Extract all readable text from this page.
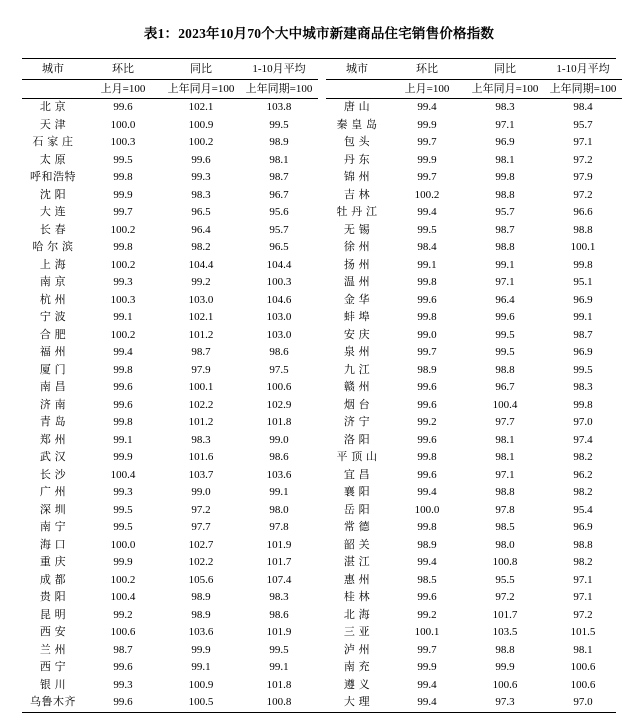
表1：2023年10月70个大中城市新建商品住宅销售价格指数
城市	环比	同比	1-10月平均		城市	环比	同比	1-10月平均
	上月=100	上年同月=100	上年同期=100			上月=100	上年同月=100	上年同期=100
北 京	99.6	102.1	103.8		唐 山	99.4	98.3	98.4
天 津	100.0	100.9	99.5		秦 皇 岛	99.9	97.1	95.7
石 家 庄	100.3	100.2	98.9		包 头	99.7	96.9	97.1
太 原	99.5	99.6	98.1		丹 东	99.9	98.1	97.2
呼和浩特	99.8	99.3	98.7		锦 州	99.7	99.8	97.9
沈 阳	99.9	98.3	96.7		吉 林	100.2	98.8	97.2
大 连	99.7	96.5	95.6		牡 丹 江	99.4	95.7	96.6
长 春	100.2	96.4	95.7		无 锡	99.5	98.7	98.8
哈 尔 滨	99.8	98.2	96.5		徐 州	98.4	98.8	100.1
上 海	100.2	104.4	104.4		扬 州	99.1	99.1	99.8
南 京	99.3	99.2	100.3		温 州	99.8	97.1	95.1
杭 州	100.3	103.0	104.6		金 华	99.6	96.4	96.9
宁 波	99.1	102.1	103.0		蚌 埠	99.8	99.6	99.1
合 肥	100.2	101.2	103.0		安 庆	99.0	99.5	98.7
福 州	99.4	98.7	98.6		泉 州	99.7	99.5	96.9
厦 门	99.8	97.9	97.5		九 江	98.9	98.8	99.5
南 昌	99.6	100.1	100.6		赣 州	99.6	96.7	98.3
济 南	99.6	102.2	102.9		烟 台	99.6	100.4	99.8
青 岛	99.8	101.2	101.8		济 宁	99.2	97.7	97.0
郑 州	99.1	98.3	99.0		洛 阳	99.6	98.1	97.4
武 汉	99.9	101.6	98.6		平 顶 山	99.8	98.1	98.2
长 沙	100.4	103.7	103.6		宜 昌	99.6	97.1	96.2
广 州	99.3	99.0	99.1		襄 阳	99.4	98.8	98.2
深 圳	99.5	97.2	98.0		岳 阳	100.0	97.8	95.4
南 宁	99.5	97.7	97.8		常 德	99.8	98.5	96.9
海 口	100.0	102.7	101.9		韶 关	98.9	98.0	98.8
重 庆	99.9	102.2	101.7		湛 江	99.4	100.8	98.2
成 都	100.2	105.6	107.4		惠 州	98.5	95.5	97.1
贵 阳	100.4	98.9	98.3		桂 林	99.6	97.2	97.1
昆 明	99.2	98.9	98.6		北 海	99.2	101.7	97.2
西 安	100.6	103.6	101.9		三 亚	100.1	103.5	101.5
兰 州	98.7	99.9	99.5		泸 州	99.7	98.8	98.1
西 宁	99.6	99.1	99.1		南 充	99.9	99.9	100.6
银 川	99.3	100.9	101.8		遵 义	99.4	100.6	100.6
乌鲁木齐	99.6	100.5	100.8		大 理	99.4	97.3	97.0
